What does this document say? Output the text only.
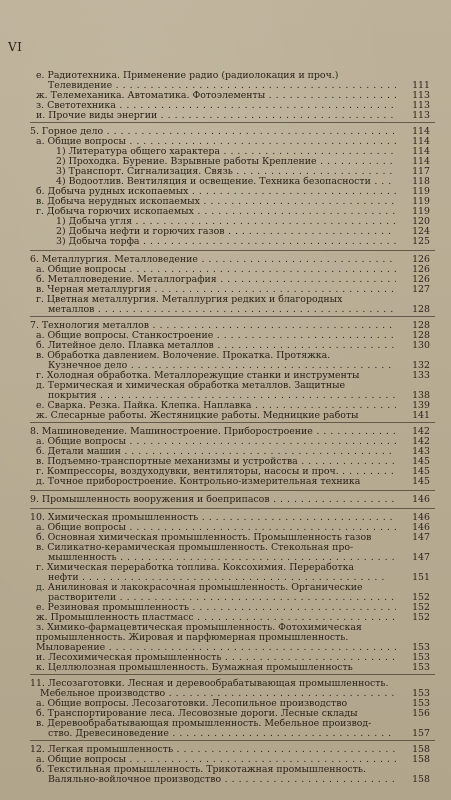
VI
е. Радиотехника. Применение радио (радиолокация и проч.)
Телевидение . .	111
ж. Телемеханика. Автоматика. Фотоэлементы . .	113
з. Светотехника . .	113
и. Прочие виды энергии . .	113
5. Горное дело . .	114
а. Общие вопросы . .	114
1) Литература общего характера . .	114
2) Проходка. Бурение. Взрывные работы Крепление . .	114
3) Транспорт. Сигнализация. Связь . .	117
4) Водоотлив. Вентиляция и освещение. Техника безопасности . .	118
б. Добыча рудных ископаемых . .	119
в. Добыча нерудных ископаемых . .	119
г. Добыча горючих ископаемых . .	119
1) Добыча угля . .	120
2) Добыча нефти и горючих газов . .	124
3) Добыча торфа . .	125
6. Металлургия. Металловедение . .	126
а. Общие вопросы . .	126
б. Металловедение. Металлография . .	126
в. Черная металлургия . .	127
г. Цветная металлургия. Металлургия редких и благородных
металлов . .	128
7. Технология металлов . .	128
а. Общие вопросы. Станкостроение . .	128
б. Литейное дело. Плавка металлов . .	130
в. Обработка давлением. Волочение. Прокатка. Протяжка.
Кузнечное дело . .	132
г. Холодная обработка. Металлорежущие станки и инструменты	133
д. Термическая и химическая обработка металлов. Защитные
покрытия . .	138
е. Сварка. Резка. Пайка. Клепка. Наплавка . .	139
ж. Слесарные работы. Жестяницкие работы. Медницкие работы	141
8. Машиноведение. Машиностроение. Приборостроение . .	142
а. Общие вопросы . .	142
б. Детали машин . .	143
в. Подъемно-транспортные механизмы и устройства . .	145
г. Компрессоры, воздуходувки, вентиляторы, насосы и проч. . .	145
д. Точное приборостроение. Контрольно-измерительная техника	145
9. Промышленность вооружения и боеприпасов . .	146
10. Химическая промышленность . .	146
а. Общие вопросы . .	146
б. Основная химическая промышленность. Промышленность газов	147
в. Силикатно-керамическая промышленность. Стекольная про-
мышленность . .	147
г. Химическая переработка топлива. Коксохимия. Переработка
нефти . .	151
д. Анилиновая и лакокрасочная промышленность. Органические
растворители . .	152
е. Резиновая промышленность . .	152
ж. Промышленность пластмасс . .	152
з. Химико-фармацевтическая промышленность. Фотохимическая
промышленность. Жировая и парфюмерная промышленность.
Мыловарение . .	153
и. Лесохимическая промышленность . .	153
к. Целлюлозная промышленность. Бумажная промышленность	153
11. Лесозаготовки. Лесная и деревообрабатывающая промышленность.
Мебельное производство . .	153
а. Общие вопросы. Лесозаготовки. Лесопильное производство	153
б. Транспортирование леса. Лесовозные дороги. Лесные склады	156
в. Деревообрабатывающая промышленность. Мебельное производ-
ство. Древесиноведение . .	157
12. Легкая промышленность . .	158
а. Общие вопросы . .	158
б. Текстильная промышленность. Трикотажная промышленность.
Валяльно-войлочное производство . .	158
